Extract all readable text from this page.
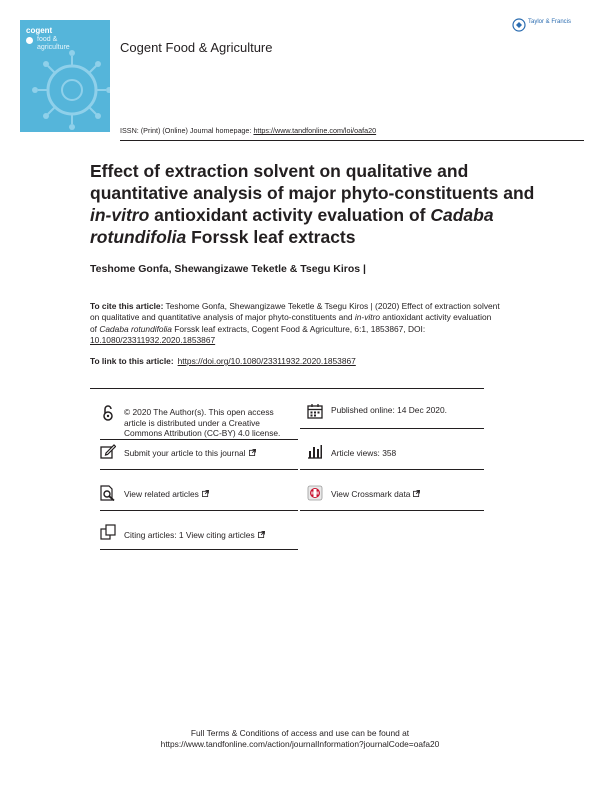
cogent
food & agriculture	Cogent Food & Agriculture
Taylor & Francis
ISSN: (Print) (Online) Journal homepage: https://www.tandfonline.com/loi/oafa20
Effect of extraction solvent on qualitative and quantitative analysis of major phyto-constituents and in-vitro antioxidant activity evaluation of Cadaba rotundifolia Forssk leaf extracts
Teshome Gonfa, Shewangizawe Teketle & Tsegu Kiros |
To cite this article: Teshome Gonfa, Shewangizawe Teketle & Tsegu Kiros | (2020) Effect of extraction solvent on qualitative and quantitative analysis of major phyto-constituents and in-vitro antioxidant activity evaluation of Cadaba rotundifolia Forssk leaf extracts, Cogent Food & Agriculture, 6:1, 1853867, DOI: 10.1080/23311932.2020.1853867
To link to this article: https://doi.org/10.1080/23311932.2020.1853867
© 2020 The Author(s). This open access article is distributed under a Creative Commons Attribution (CC-BY) 4.0 license.
Published online: 14 Dec 2020.
Submit your article to this journal	Article views: 358
View related articles	View Crossmark data
Citing articles: 1 View citing articles
Full Terms & Conditions of access and use can be found at
https://www.tandfonline.com/action/journalInformation?journalCode=oafa20
